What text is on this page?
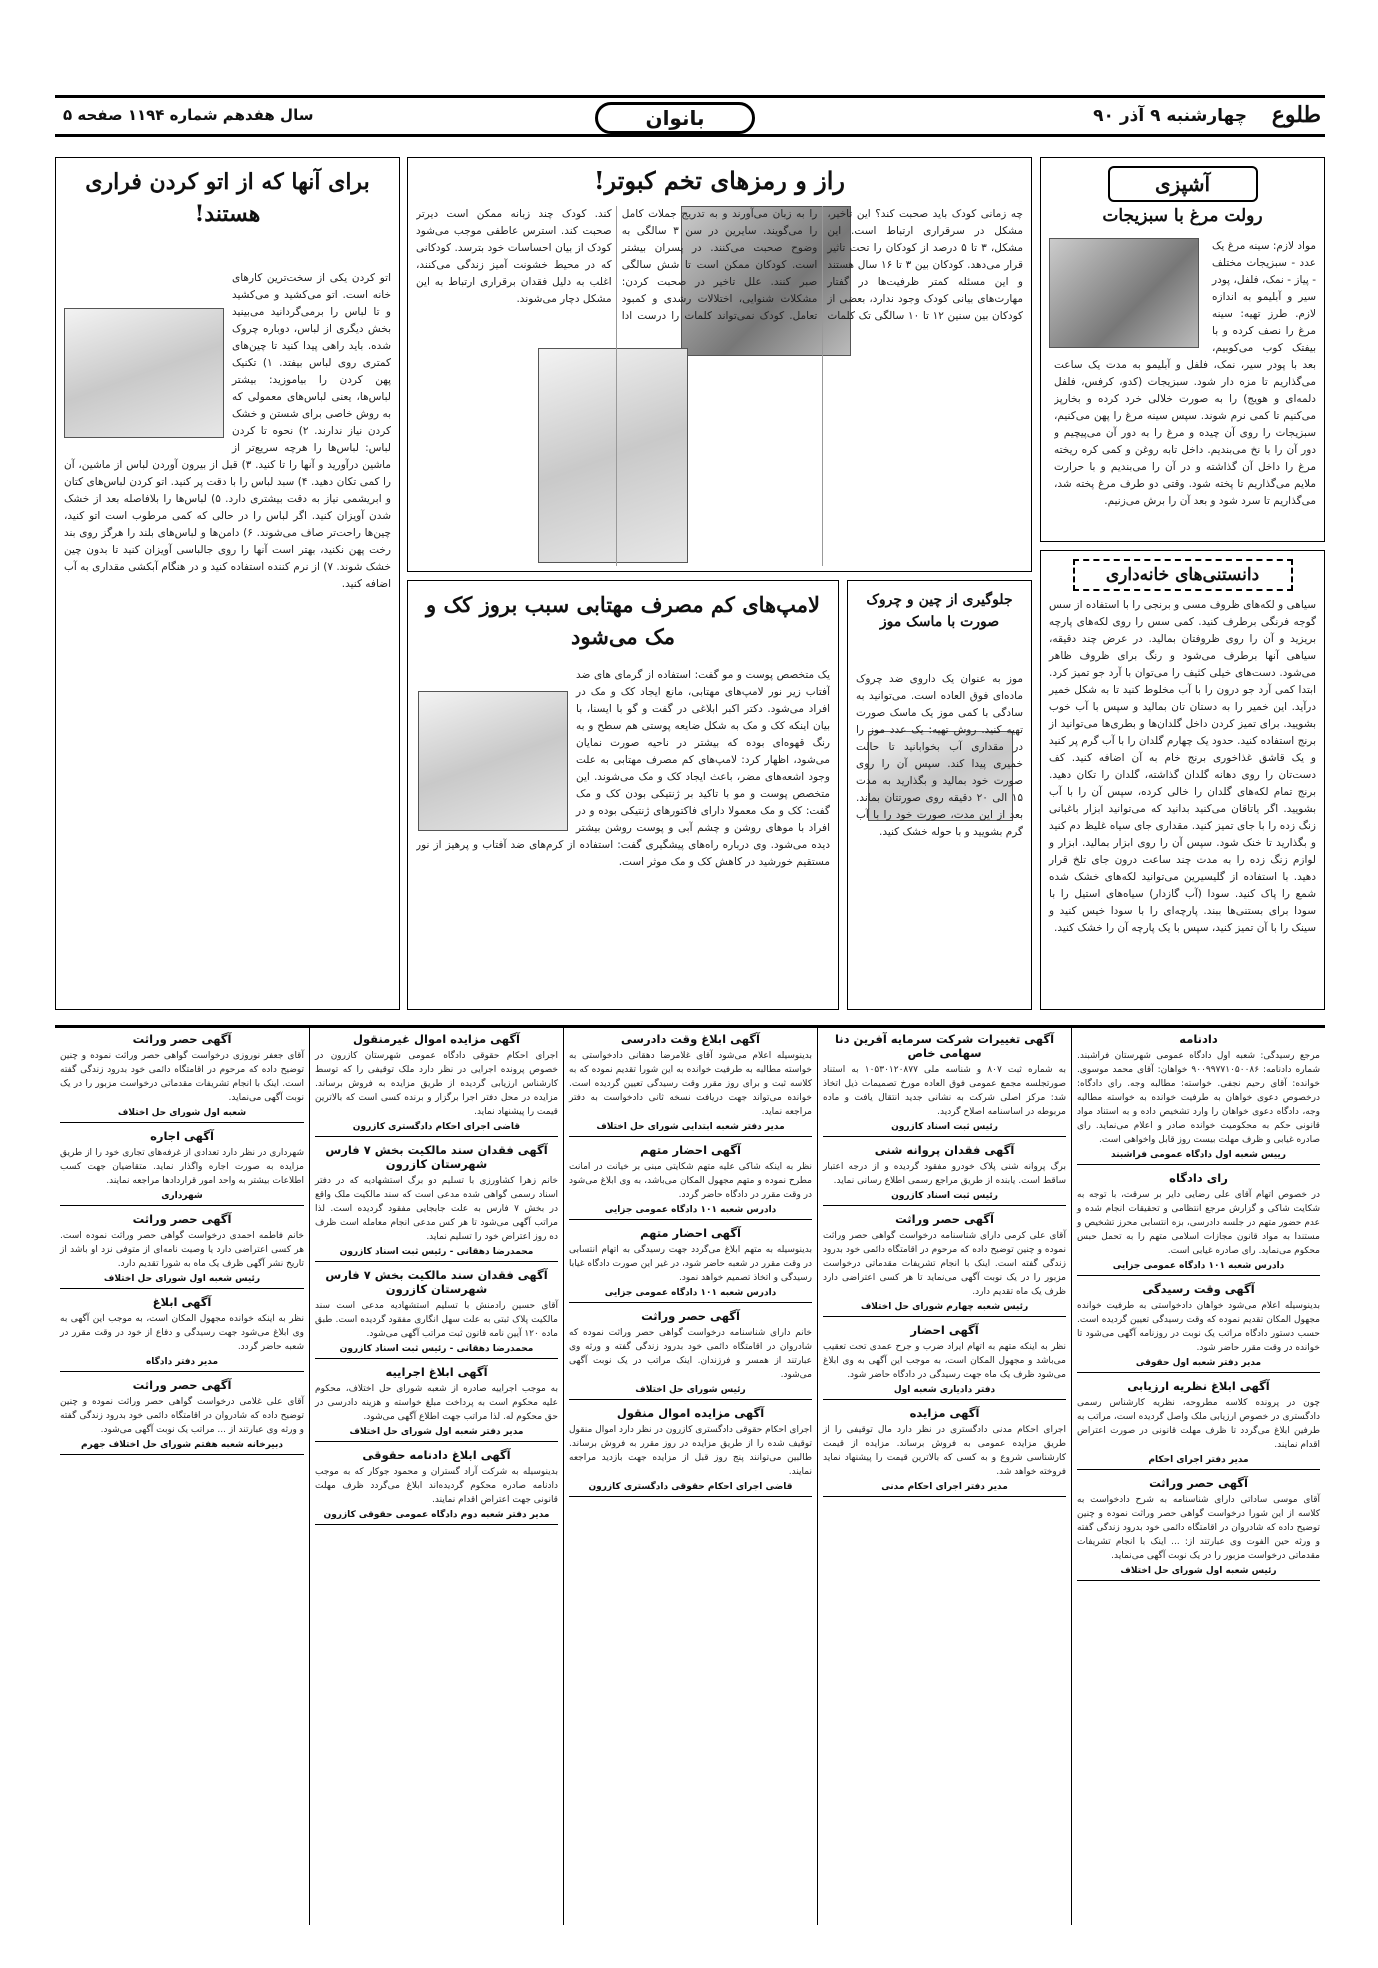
طلوع
چهارشنبه ۹ آذر ۹۰
بانوان
سال هفدهم شماره ۱۱۹۴ صفحه ۵
آشپزی
رولت مرغ با سبزیجات
مواد لازم: سینه مرغ یک عدد - سبزیجات مختلف - پیاز - نمک، فلفل، پودر سیر و آبلیمو به اندازه لازم. طرز تهیه: سینه مرغ را نصف کرده و با بیفتک کوب می‌کوبیم، بعد با پودر سیر، نمک، فلفل و آبلیمو به مدت یک ساعت می‌گذاریم تا مزه دار شود. سبزیجات (کدو، کرفس، فلفل دلمه‌ای و هویج) را به صورت خلالی خرد کرده و بخارپز می‌کنیم تا کمی نرم شوند. سپس سینه مرغ را پهن می‌کنیم، سبزیجات را روی آن چیده و مرغ را به دور آن می‌پیچیم و دور آن را با نخ می‌بندیم. داخل تابه روغن و کمی کره ریخته مرغ را داخل آن گذاشته و در آن را می‌بندیم و با حرارت ملایم می‌گذاریم تا پخته شود. وقتی دو طرف مرغ پخته شد، می‌گذاریم تا سرد شود و بعد آن را برش می‌زنیم.
دانستنی‌های خانه‌داری
سیاهی و لکه‌های ظروف مسی و برنجی را با استفاده از سس گوجه فرنگی برطرف کنید. کمی سس را روی لکه‌های پارچه بریزید و آن را روی ظروفتان بمالید. در عرض چند دقیقه، سیاهی آنها برطرف می‌شود و رنگ برای ظروف ظاهر می‌شود. دست‌های خیلی کثیف را می‌توان با آرد جو تمیز کرد. ابتدا کمی آرد جو درون را با آب مخلوط کنید تا به شکل خمیر درآید. این خمیر را به دستان تان بمالید و سپس با آب خوب بشویید. برای تمیز کردن داخل گلدان‌ها و بطری‌ها می‌توانید از برنج استفاده کنید. حدود یک چهارم گلدان را با آب گرم پر کنید و یک قاشق غذاخوری برنج خام به آن اضافه کنید. کف دست‌تان را روی دهانه گلدان گذاشته، گلدان را تکان دهید. برنج تمام لکه‌های گلدان را خالی کرده، سپس آن را با آب بشویید. اگر یاتاقان می‌کنید بدانید که می‌توانید ابزار باغبانی زنگ زده را با جای تمیز کنید. مقداری جای سیاه غلیظ دم کنید و بگذارید تا خنک شود. سپس آن را روی ابزار بمالید. ابزار و لوازم زنگ زده را به مدت چند ساعت درون جای تلخ قرار دهید. با استفاده از گلیسیرین می‌توانید لکه‌های خشک شده شمع را پاک کنید. سودا (آب گازدار) سیاه‌های استیل را با سودا برای بستنی‌ها ببند. پارچه‌ای را با سودا خیس کنید و سینک را با آن تمیز کنید، سپس با یک پارچه آن را خشک کنید.
راز و رمزهای تخم کبوتر!
چه زمانی کودک باید صحبت کند؟ این تاخیر، مشکل در سرقراری ارتباط است. این مشکل، ۳ تا ۵ درصد از کودکان را تحت تاثیر قرار می‌دهد. کودکان بین ۳ تا ۱۶ سال هستند و این مسئله کمتر ظرفیت‌ها در گفتار مهارت‌های بیانی کودک وجود ندارد، بعضی از کودکان بین سنین ۱۲ تا ۱۰ سالگی تک کلمات را به زبان می‌آورند و به تدریج جملات کامل را می‌گویند. سایرین در سن ۳ سالگی به وضوح صحبت می‌کنند. در پسران بیشتر است. کودکان ممکن است تا شش سالگی صبر کنند. علل تاخیر در صحبت کردن: مشکلات شنوایی، اختلالات رشدی و کمبود تعامل. کودک نمی‌تواند کلمات را درست ادا کند. کودک چند زبانه ممکن است دیرتر صحبت کند. استرس عاطفی موجب می‌شود کودک از بیان احساسات خود بترسد. کودکانی که در محیط خشونت آمیز زندگی می‌کنند، اغلب به دلیل فقدان برقراری ارتباط به این مشکل دچار می‌شوند.
برای آنها که از اتو کردن فراری هستند!
اتو کردن یکی از سخت‌ترین کارهای خانه است. اتو می‌کشید و می‌کشید و تا لباس را برمی‌گردانید می‌بینید بخش دیگری از لباس، دوباره چروک شده. باید راهی پیدا کنید تا چین‌های کمتری روی لباس بیفتد. ۱) تکنیک پهن کردن را بیاموزید: بیشتر لباس‌ها، یعنی لباس‌های معمولی که به روش خاصی برای شستن و خشک کردن نیاز ندارند. ۲) نحوه تا کردن لباس: لباس‌ها را هرچه سریع‌تر از ماشین درآورید و آنها را تا کنید. ۳) قبل از بیرون آوردن لباس از ماشین، آن را کمی تکان دهید. ۴) سبد لباس را با دقت پر کنید. اتو کردن لباس‌های کتان و ابریشمی نیاز به دقت بیشتری دارد. ۵) لباس‌ها را بلافاصله بعد از خشک شدن آویزان کنید. اگر لباس را در حالی که کمی مرطوب است اتو کنید، چین‌ها راحت‌تر صاف می‌شوند. ۶) دامن‌ها و لباس‌های بلند را هرگز روی بند رخت پهن نکنید، بهتر است آنها را روی جالباسی آویزان کنید تا بدون چین خشک شوند. ۷) از نرم کننده استفاده کنید و در هنگام آبکشی مقداری به آب اضافه کنید.
جلوگیری از چین و چروک صورت با ماسک موز
موز به عنوان یک داروی ضد چروک ماده‌ای فوق العاده است. می‌توانید به سادگی با کمی موز یک ماسک صورت تهیه کنید. روش تهیه: یک عدد موز را در مقداری آب بخوابانید تا حالت خمیری پیدا کند. سپس آن را روی صورت خود بمالید و بگذارید به مدت ۱۵ الی ۲۰ دقیقه روی صورتتان بماند. بعد از این مدت، صورت خود را با آب گرم بشویید و با حوله خشک کنید.
لامپ‌های کم مصرف مهتابی سبب بروز کک و مک می‌شود
یک متخصص پوست و مو گفت: استفاده از گرمای های ضد آفتاب زیر نور لامپ‌های مهتابی، مانع ایجاد کک و مک در افراد می‌شود. دکتر اکبر ابلاغی در گفت و گو با ایسنا، با بیان اینکه کک و مک به شکل ضایعه پوستی هم سطح و به رنگ قهوه‌ای بوده که بیشتر در ناحیه صورت نمایان می‌شود، اظهار کرد: لامپ‌های کم مصرف مهتابی به علت وجود اشعه‌های مضر، باعث ایجاد کک و مک می‌شوند. این متخصص پوست و مو با تاکید بر ژنتیکی بودن کک و مک گفت: کک و مک معمولا دارای فاکتورهای ژنتیکی بوده و در افراد با موهای روشن و چشم آبی و پوست روشن بیشتر دیده می‌شود. وی درباره راه‌های پیشگیری گفت: استفاده از کرم‌های ضد آفتاب و پرهیز از نور مستقیم خورشید در کاهش کک و مک موثر است.
دادنامه
مرجع رسیدگی: شعبه اول دادگاه عمومی شهرستان فراشبند. شماره دادنامه: ۹۰۰۹۹۷۷۱۰۵۰۰۸۶ خواهان: آقای محمد موسوی. خوانده: آقای رحیم نجفی. خواسته: مطالبه وجه. رای دادگاه: درخصوص دعوی خواهان به طرفیت خوانده به خواسته مطالبه وجه، دادگاه دعوی خواهان را وارد تشخیص داده و به استناد مواد قانونی حکم به محکومیت خوانده صادر و اعلام می‌نماید. رای صادره غیابی و ظرف مهلت بیست روز قابل واخواهی است.
رییس شعبه اول دادگاه عمومی فراشبند
رای دادگاه
در خصوص اتهام آقای علی رضایی دایر بر سرقت، با توجه به شکایت شاکی و گزارش مرجع انتظامی و تحقیقات انجام شده و عدم حضور متهم در جلسه دادرسی، بزه انتسابی محرز تشخیص و مستندا به مواد قانون مجازات اسلامی متهم را به تحمل حبس محکوم می‌نماید. رای صادره غیابی است.
دادرس شعبه ۱۰۱ دادگاه عمومی جزایی
آگهی وقت رسیدگی
بدینوسیله اعلام می‌شود خواهان دادخواستی به طرفیت خوانده مجهول المکان تقدیم نموده که وقت رسیدگی تعیین گردیده است. حسب دستور دادگاه مراتب یک نوبت در روزنامه آگهی می‌شود تا خوانده در وقت مقرر حاضر شود.
مدیر دفتر شعبه اول حقوقی
آگهی ابلاغ نظریه ارزیابی
چون در پرونده کلاسه مطروحه، نظریه کارشناس رسمی دادگستری در خصوص ارزیابی ملک واصل گردیده است، مراتب به طرفین ابلاغ می‌گردد تا ظرف مهلت قانونی در صورت اعتراض اقدام نمایند.
مدیر دفتر اجرای احکام
آگهی حصر وراثت
آقای موسی ساداتی دارای شناسنامه به شرح دادخواست به کلاسه از این شورا درخواست گواهی حصر وراثت نموده و چنین توضیح داده که شادروان در اقامتگاه دائمی خود بدرود زندگی گفته و ورثه حین الفوت وی عبارتند از: ... اینک با انجام تشریفات مقدماتی درخواست مزبور را در یک نوبت آگهی می‌نماید.
رئیس شعبه اول شورای حل اختلاف
آگهی تغییرات شرکت سرمایه آفرین دنا سهامی خاص
به شماره ثبت ۸۰۷ و شناسه ملی ۱۰۵۳۰۱۲۰۸۷۷ به استناد صورتجلسه مجمع عمومی فوق العاده مورخ تصمیمات ذیل اتخاذ شد: مرکز اصلی شرکت به نشانی جدید انتقال یافت و ماده مربوطه در اساسنامه اصلاح گردید.
رئیس ثبت اسناد کازرون
آگهی فقدان پروانه شنی
برگ پروانه شنی پلاک خودرو مفقود گردیده و از درجه اعتبار ساقط است. یابنده از طریق مراجع رسمی اطلاع رسانی نماید.
رئیس ثبت اسناد کازرون
آگهی حصر وراثت
آقای علی کرمی دارای شناسنامه درخواست گواهی حصر وراثت نموده و چنین توضیح داده که مرحوم در اقامتگاه دائمی خود بدرود زندگی گفته است. اینک با انجام تشریفات مقدماتی درخواست مزبور را در یک نوبت آگهی می‌نماید تا هر کسی اعتراضی دارد ظرف یک ماه تقدیم دارد.
رئیس شعبه چهارم شورای حل اختلاف
آگهی احضار
نظر به اینکه متهم به اتهام ایراد ضرب و جرح عمدی تحت تعقیب می‌باشد و مجهول المکان است، به موجب این آگهی به وی ابلاغ می‌شود ظرف یک ماه جهت رسیدگی در دادگاه حاضر شود.
دفتر دادیاری شعبه اول
آگهی مزایده
اجرای احکام مدنی دادگستری در نظر دارد مال توقیفی را از طریق مزایده عمومی به فروش برساند. مزایده از قیمت کارشناسی شروع و به کسی که بالاترین قیمت را پیشنهاد نماید فروخته خواهد شد.
مدیر دفتر اجرای احکام مدنی
آگهی ابلاغ وقت دادرسی
بدینوسیله اعلام می‌شود آقای غلامرضا دهقانی دادخواستی به خواسته مطالبه به طرفیت خوانده به این شورا تقدیم نموده که به کلاسه ثبت و برای روز مقرر وقت رسیدگی تعیین گردیده است. خوانده می‌تواند جهت دریافت نسخه ثانی دادخواست به دفتر مراجعه نماید.
مدیر دفتر شعبه ابتدایی شورای حل اختلاف
آگهی احضار متهم
نظر به اینکه شاکی علیه متهم شکایتی مبنی بر خیانت در امانت مطرح نموده و متهم مجهول المکان می‌باشد، به وی ابلاغ می‌شود در وقت مقرر در دادگاه حاضر گردد.
دادرس شعبه ۱۰۱ دادگاه عمومی جزایی
آگهی احضار متهم
بدینوسیله به متهم ابلاغ می‌گردد جهت رسیدگی به اتهام انتسابی در وقت مقرر در شعبه حاضر شود، در غیر این صورت دادگاه غیابا رسیدگی و اتخاذ تصمیم خواهد نمود.
دادرس شعبه ۱۰۱ دادگاه عمومی جزایی
آگهی حصر وراثت
خانم دارای شناسنامه درخواست گواهی حصر وراثت نموده که شادروان در اقامتگاه دائمی خود بدرود زندگی گفته و ورثه وی عبارتند از همسر و فرزندان. اینک مراتب در یک نوبت آگهی می‌شود.
رئیس شورای حل اختلاف
آگهی مزایده اموال منقول
اجرای احکام حقوقی دادگستری کازرون در نظر دارد اموال منقول توقیف شده را از طریق مزایده در روز مقرر به فروش برساند. طالبین می‌توانند پنج روز قبل از مزایده جهت بازدید مراجعه نمایند.
قاضی اجرای احکام حقوقی دادگستری کازرون
آگهی مزایده اموال غیرمنقول
اجرای احکام حقوقی دادگاه عمومی شهرستان کازرون در خصوص پرونده اجرایی در نظر دارد ملک توقیفی را که توسط کارشناس ارزیابی گردیده از طریق مزایده به فروش برساند. مزایده در محل دفتر اجرا برگزار و برنده کسی است که بالاترین قیمت را پیشنهاد نماید.
قاضی اجرای احکام دادگستری کازرون
آگهی فقدان سند مالکیت بخش ۷ فارس شهرستان کازرون
خانم زهرا کشاورزی با تسلیم دو برگ استشهادیه که در دفتر اسناد رسمی گواهی شده مدعی است که سند مالکیت ملک واقع در بخش ۷ فارس به علت جابجایی مفقود گردیده است. لذا مراتب آگهی می‌شود تا هر کس مدعی انجام معامله است ظرف ده روز اعتراض خود را تسلیم نماید.
محمدرضا دهقانی - رئیس ثبت اسناد کازرون
آگهی فقدان سند مالکیت بخش ۷ فارس شهرستان کازرون
آقای حسین رادمنش با تسلیم استشهادیه مدعی است سند مالکیت پلاک ثبتی به علت سهل انگاری مفقود گردیده است. طبق ماده ۱۲۰ آیین نامه قانون ثبت مراتب آگهی می‌شود.
محمدرضا دهقانی - رئیس ثبت اسناد کازرون
آگهی ابلاغ اجراییه
به موجب اجراییه صادره از شعبه شورای حل اختلاف، محکوم علیه محکوم است به پرداخت مبلغ خواسته و هزینه دادرسی در حق محکوم له. لذا مراتب جهت اطلاع آگهی می‌شود.
مدیر دفتر شعبه اول شورای حل اختلاف
آگهی ابلاغ دادنامه حقوقی
بدینوسیله به شرکت آراد گستران و محمود جوکار که به موجب دادنامه صادره محکوم گردیده‌اند ابلاغ می‌گردد ظرف مهلت قانونی جهت اعتراض اقدام نمایند.
مدیر دفتر شعبه دوم دادگاه عمومی حقوقی کازرون
آگهی حصر وراثت
آقای جعفر نوروزی درخواست گواهی حصر وراثت نموده و چنین توضیح داده که مرحوم در اقامتگاه دائمی خود بدرود زندگی گفته است. اینک با انجام تشریفات مقدماتی درخواست مزبور را در یک نوبت آگهی می‌نماید.
شعبه اول شورای حل اختلاف
آگهی اجاره
شهرداری در نظر دارد تعدادی از غرفه‌های تجاری خود را از طریق مزایده به صورت اجاره واگذار نماید. متقاضیان جهت کسب اطلاعات بیشتر به واحد امور قراردادها مراجعه نمایند.
شهرداری
آگهی حصر وراثت
خانم فاطمه احمدی درخواست گواهی حصر وراثت نموده است. هر کسی اعتراضی دارد یا وصیت نامه‌ای از متوفی نزد او باشد از تاریخ نشر آگهی ظرف یک ماه به شورا تقدیم دارد.
رئیس شعبه اول شورای حل اختلاف
آگهی ابلاغ
نظر به اینکه خوانده مجهول المکان است، به موجب این آگهی به وی ابلاغ می‌شود جهت رسیدگی و دفاع از خود در وقت مقرر در شعبه حاضر گردد.
مدیر دفتر دادگاه
آگهی حصر وراثت
آقای علی غلامی درخواست گواهی حصر وراثت نموده و چنین توضیح داده که شادروان در اقامتگاه دائمی خود بدرود زندگی گفته و ورثه وی عبارتند از ... مراتب یک نوبت آگهی می‌شود.
دبیرخانه شعبه هفتم شورای حل اختلاف جهرم
